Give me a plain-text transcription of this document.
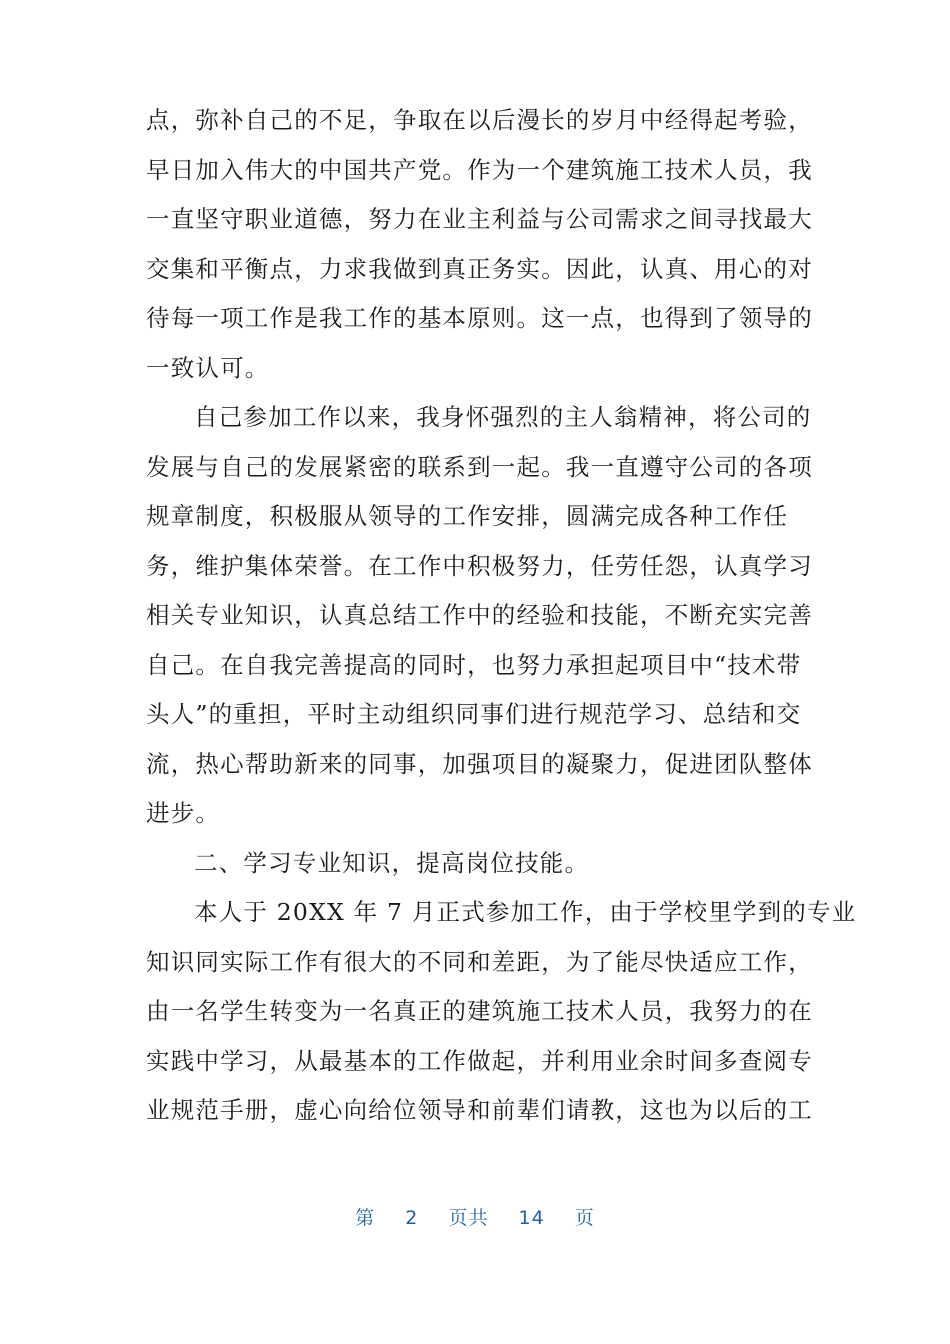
点，弥补自己的不足，争取在以后漫长的岁月中经得起考验，
早日加入伟大的中国共产党。作为一个建筑施工技术人员，我
一直坚守职业道德，努力在业主利益与公司需求之间寻找最大
交集和平衡点，力求我做到真正务实。因此，认真、用心的对
待每一项工作是我工作的基本原则。这一点，也得到了领导的
一致认可。
自己参加工作以来，我身怀强烈的主人翁精神，将公司的
发展与自己的发展紧密的联系到一起。我一直遵守公司的各项
规章制度，积极服从领导的工作安排，圆满完成各种工作任
务，维护集体荣誉。在工作中积极努力，任劳任怨，认真学习
相关专业知识，认真总结工作中的经验和技能，不断充实完善
自己。在自我完善提高的同时，也努力承担起项目中“技术带
头人”的重担，平时主动组织同事们进行规范学习、总结和交
流，热心帮助新来的同事，加强项目的凝聚力，促进团队整体
进步。
二、学习专业知识，提高岗位技能。
本人于 20XX 年 7 月正式参加工作，由于学校里学到的专业
知识同实际工作有很大的不同和差距，为了能尽快适应工作，
由一名学生转变为一名真正的建筑施工技术人员，我努力的在
实践中学习，从最基本的工作做起，并利用业余时间多查阅专
业规范手册，虚心向给位领导和前辈们请教，这也为以后的工
第 2 页共 14 页
